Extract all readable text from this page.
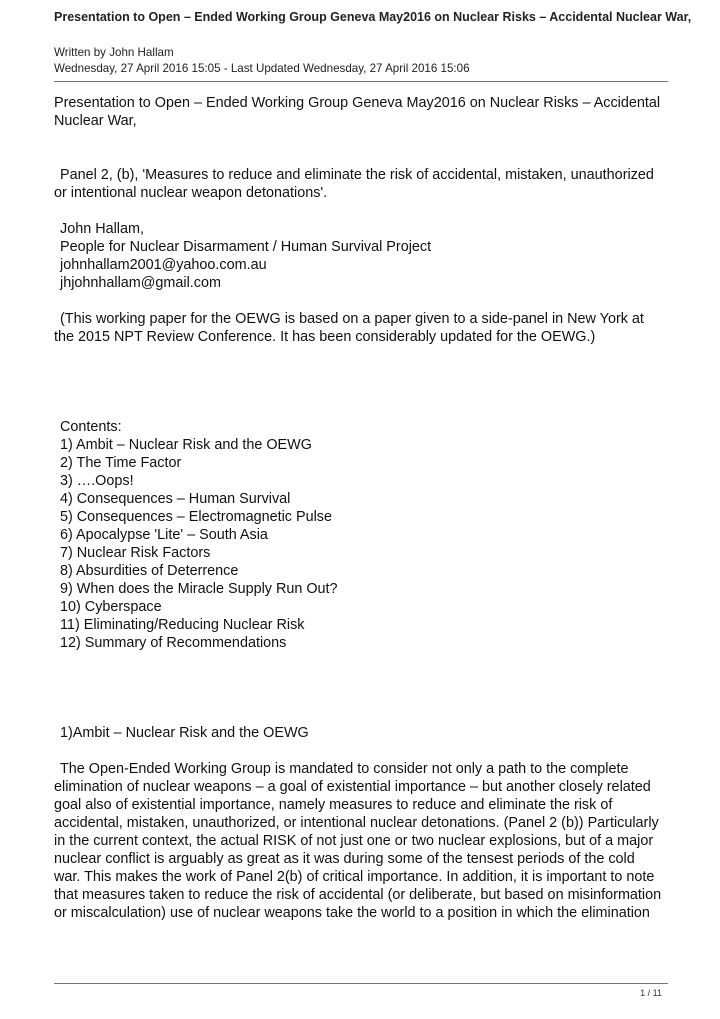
Presentation to Open – Ended Working Group Geneva May2016 on Nuclear Risks – Accidental Nuclear War,
Written by John Hallam
Wednesday, 27 April 2016 15:05 - Last Updated Wednesday, 27 April 2016 15:06

Presentation to Open – Ended Working Group Geneva May2016 on Nuclear Risks – Accidental
Nuclear War,

Panel 2, (b), 'Measures to reduce and eliminate the risk of accidental, mistaken, unauthorized
or intentional nuclear weapon detonations'.

John Hallam,
People for Nuclear Disarmament / Human Survival Project
johnhallam2001@yahoo.com.au
jhjohnhallam@gmail.com

(This working paper for the OEWG is based on a paper given to a side-panel in New York at
the 2015 NPT Review Conference. It has been considerably updated for the OEWG.)

Contents:
1) Ambit – Nuclear Risk and the OEWG
2) The Time Factor
3) ….Oops!
4) Consequences – Human Survival
5) Consequences – Electromagnetic Pulse
6) Apocalypse 'Lite' – South Asia
7) Nuclear Risk Factors
8) Absurdities of Deterrence
9) When does the Miracle Supply Run Out?
10) Cyberspace
11) Eliminating/Reducing Nuclear Risk
12) Summary of Recommendations

1)Ambit – Nuclear Risk and the OEWG

The Open-Ended Working Group is mandated to consider not only a path to the complete
elimination of nuclear weapons – a goal of existential importance – but another closely related
goal also of existential importance, namely measures to reduce and eliminate the risk of
accidental, mistaken, unauthorized, or intentional nuclear detonations. (Panel 2 (b)) Particularly
in the current context, the actual RISK of not just one or two nuclear explosions, but of a major
nuclear conflict is arguably as great as it was during some of the tensest periods of the cold
war. This makes the work of Panel 2(b) of critical importance. In addition, it is important to note
that measures taken to reduce the risk of accidental (or deliberate, but based on misinformation
or miscalculation) use of nuclear weapons take the world to a position in which the elimination

1 / 11
